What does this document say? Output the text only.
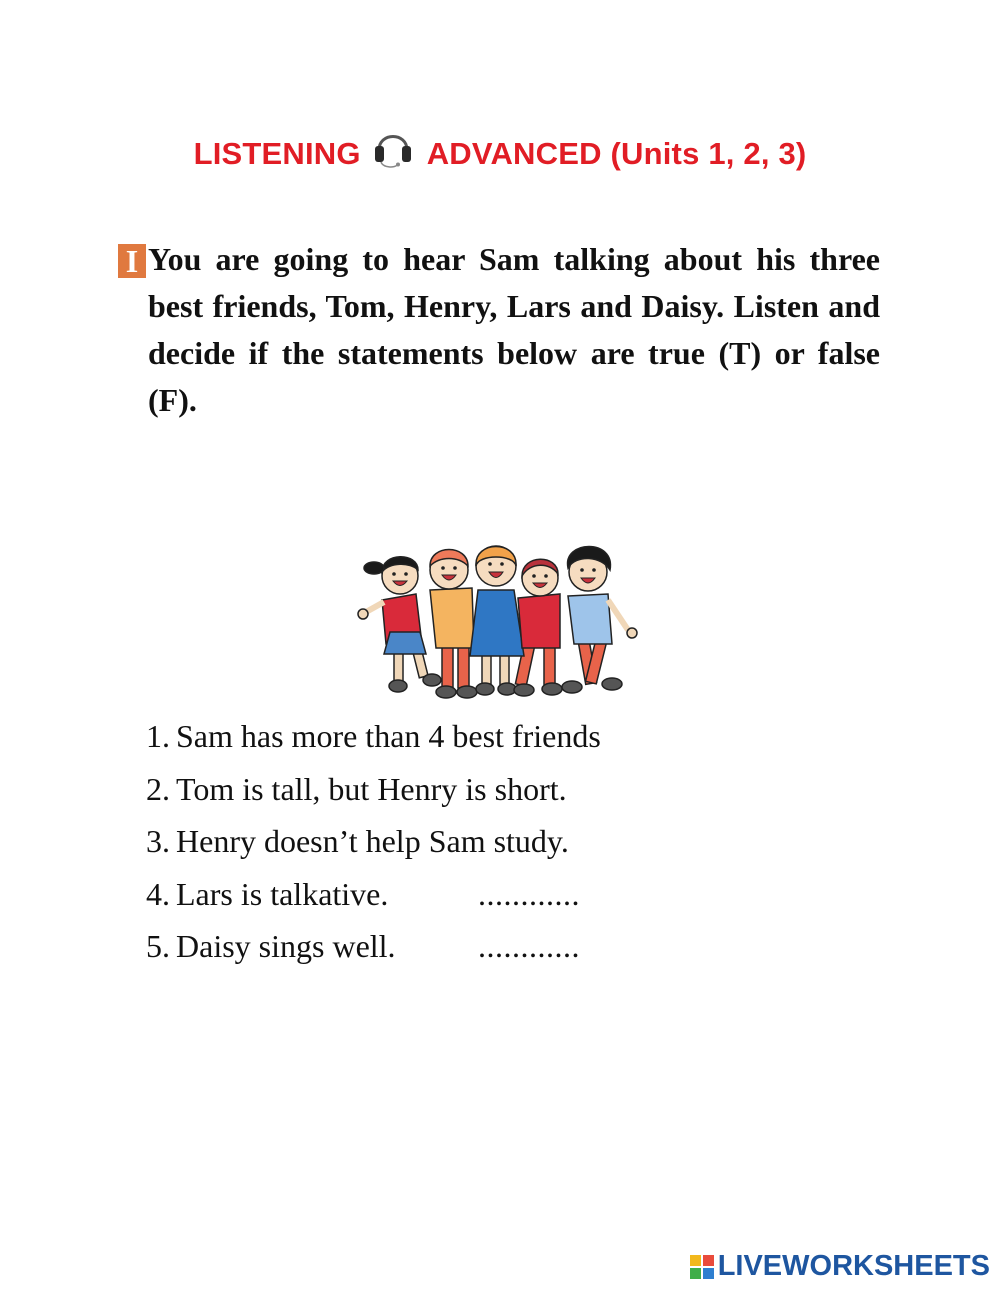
LISTENING ADVANCED (Units 1, 2, 3)
I You are going to hear Sam talking about his three best friends, Tom, Henry, Lars and Daisy. Listen and decide if the statements below are true (T) or false (F).
1. Sam has more than 4 best friends
2. Tom is tall, but Henry is short.
3. Henry doesn’t help Sam study.
4. Lars is talkative.	............
5. Daisy sings well.	............
LIVEWORKSHEETS
